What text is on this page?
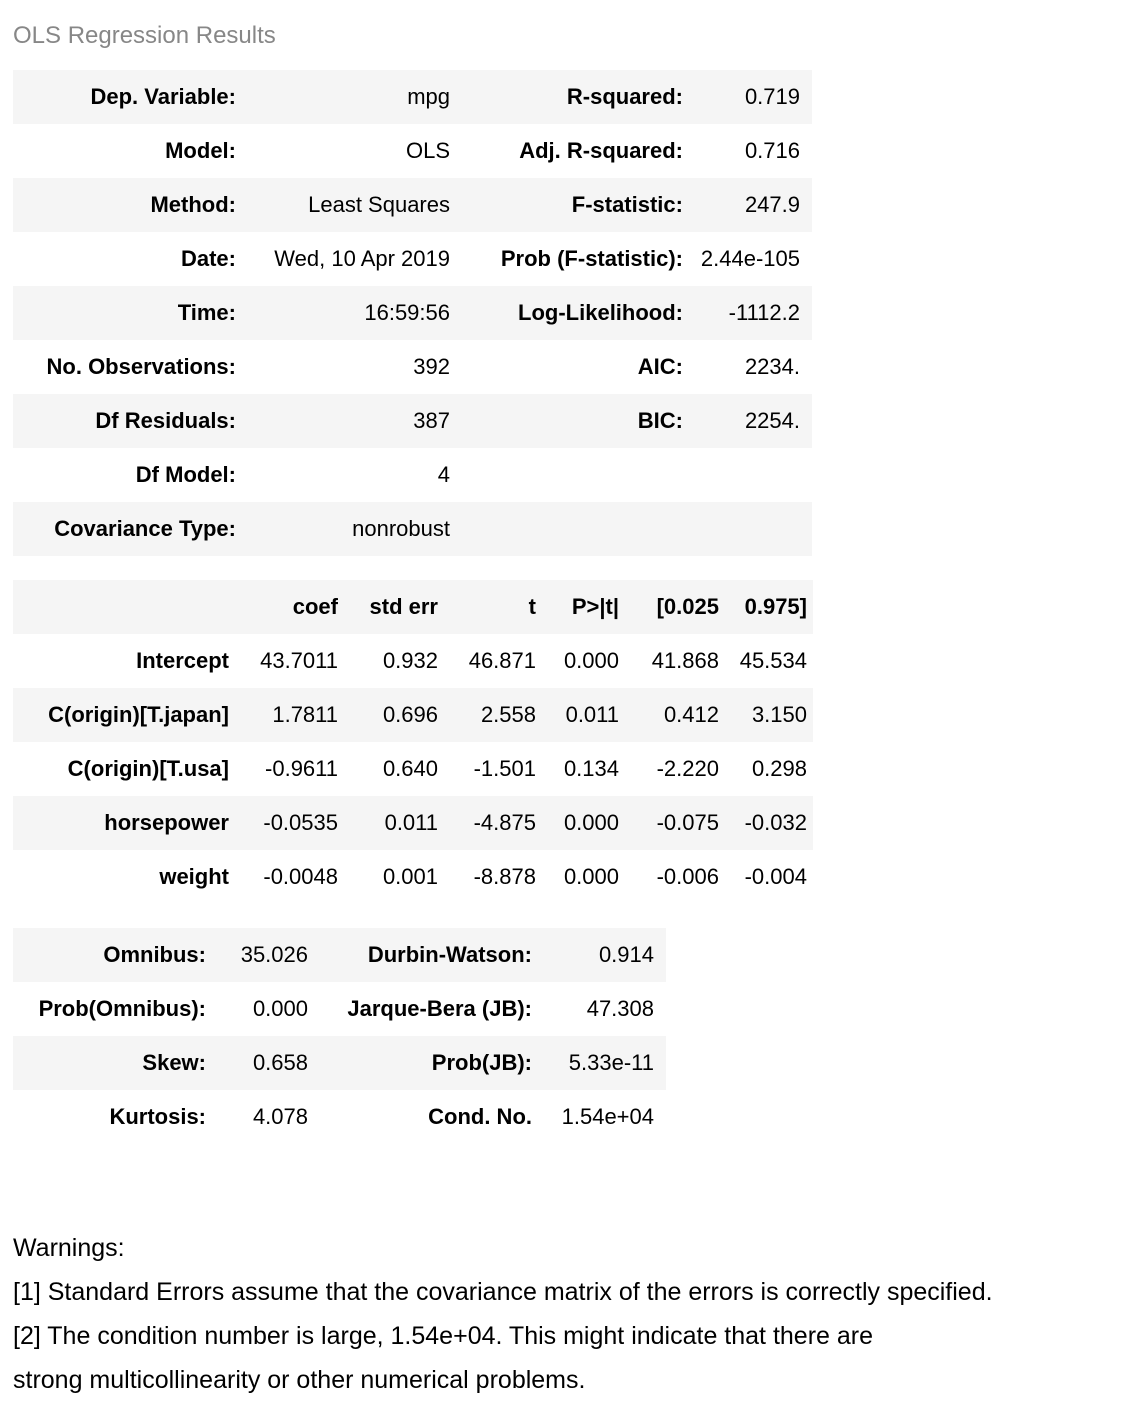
OLS Regression Results
Dep. Variable:	mpg	R-squared:	0.719
Model:	OLS	Adj. R-squared:	0.716
Method:	Least Squares	F-statistic:	247.9
Date:	Wed, 10 Apr 2019	Prob (F-statistic):	2.44e-105
Time:	16:59:56	Log-Likelihood:	-1112.2
No. Observations:	392	AIC:	2234.
Df Residuals:	387	BIC:	2254.
Df Model:	4		
Covariance Type:	nonrobust		
	coef	std err	t	P>|t|	[0.025	0.975]
Intercept	43.7011	0.932	46.871	0.000	41.868	45.534
C(origin)[T.japan]	1.7811	0.696	2.558	0.011	0.412	3.150
C(origin)[T.usa]	-0.9611	0.640	-1.501	0.134	-2.220	0.298
horsepower	-0.0535	0.011	-4.875	0.000	-0.075	-0.032
weight	-0.0048	0.001	-8.878	0.000	-0.006	-0.004
Omnibus:	35.026	Durbin-Watson:	0.914
Prob(Omnibus):	0.000	Jarque-Bera (JB):	47.308
Skew:	0.658	Prob(JB):	5.33e-11
Kurtosis:	4.078	Cond. No.	1.54e+04
Warnings:
[1] Standard Errors assume that the covariance matrix of the errors is correctly specified.
[2] The condition number is large, 1.54e+04. This might indicate that there are
strong multicollinearity or other numerical problems.
